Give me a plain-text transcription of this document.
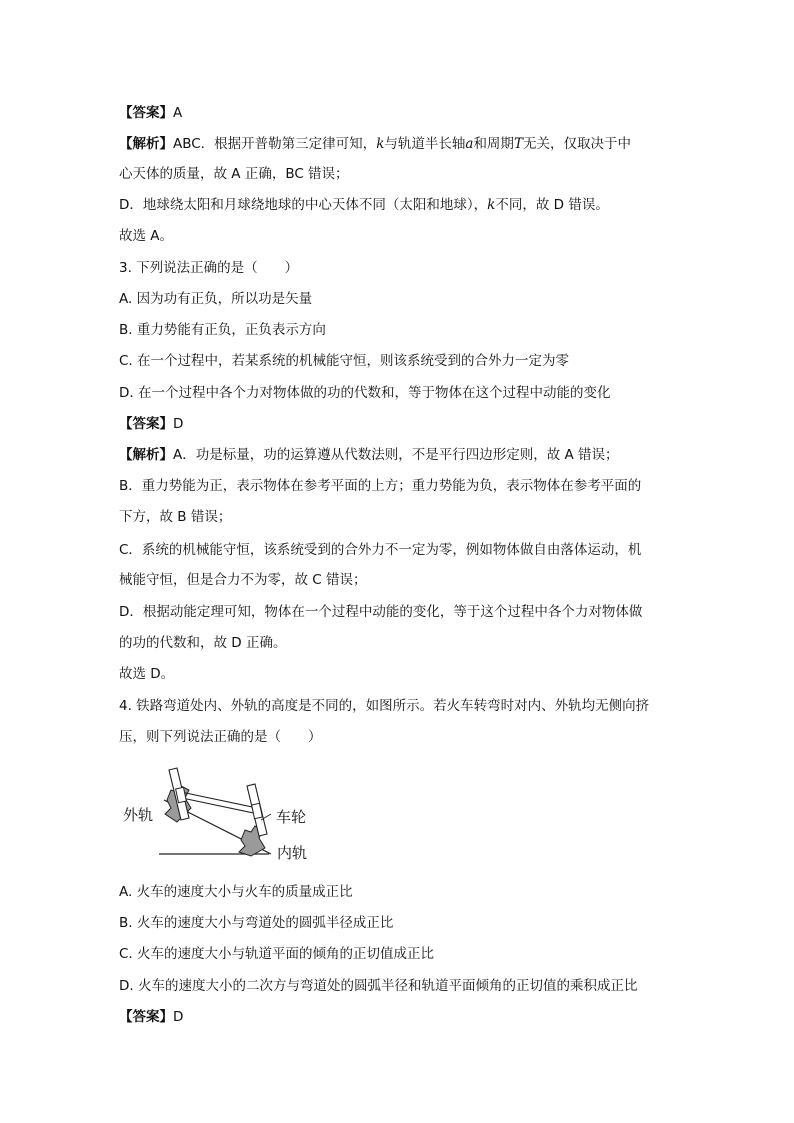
【答案】A
【解析】ABC．根据开普勒第三定律可知，k与轨道半长轴a和周期T无关，仅取决于中
心天体的质量，故 A 正确，BC 错误；
D．地球绕太阳和月球绕地球的中心天体不同（太阳和地球），k不同，故 D 错误。
故选 A。
3. 下列说法正确的是（　　）
A. 因为功有正负，所以功是矢量
B. 重力势能有正负，正负表示方向
C. 在一个过程中，若某系统的机械能守恒，则该系统受到的合外力一定为零
D. 在一个过程中各个力对物体做的功的代数和，等于物体在这个过程中动能的变化
【答案】D
【解析】A．功是标量，功的运算遵从代数法则，不是平行四边形定则，故 A 错误；
B．重力势能为正，表示物体在参考平面的上方；重力势能为负，表示物体在参考平面的
下方，故 B 错误；
C．系统的机械能守恒，该系统受到的合外力不一定为零，例如物体做自由落体运动，机
械能守恒，但是合力不为零，故 C 错误；
D．根据动能定理可知，物体在一个过程中动能的变化，等于这个过程中各个力对物体做
的功的代数和，故 D 正确。
故选 D。
4. 铁路弯道处内、外轨的高度是不同的，如图所示。若火车转弯时对内、外轨均无侧向挤
压，则下列说法正确的是（　　）
外轨	车轮
内轨
A. 火车的速度大小与火车的质量成正比
B. 火车的速度大小与弯道处的圆弧半径成正比
C. 火车的速度大小与轨道平面的倾角的正切值成正比
D. 火车的速度大小的二次方与弯道处的圆弧半径和轨道平面倾角的正切值的乘积成正比
【答案】D
